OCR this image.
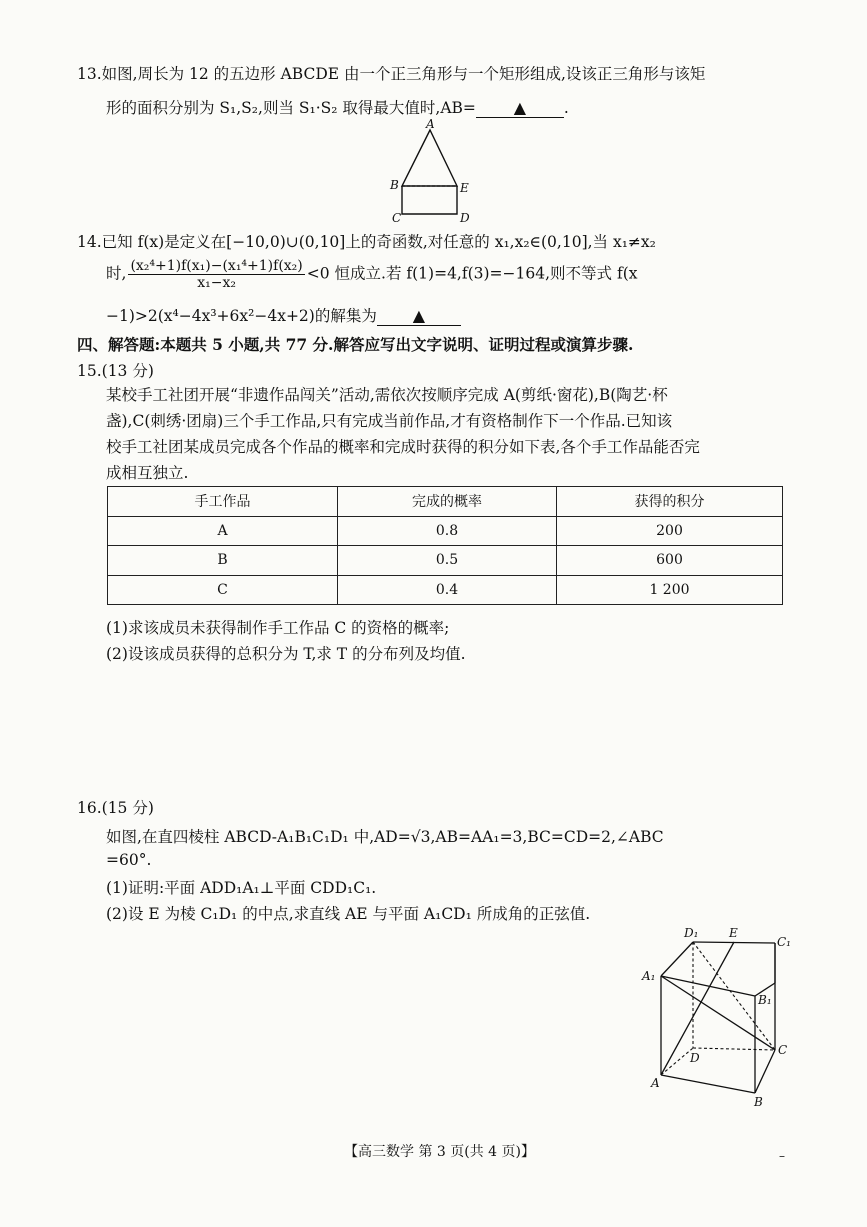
13.如图,周长为 12 的五边形 ABCDE 由一个正三角形与一个矩形组成,设该正三角形与该矩
形的面积分别为 S₁,S₂,则当 S₁·S₂ 取得最大值时,AB= ▲ .
A
B	E
C	D
14.已知 f(x)是定义在[−10,0)∪(0,10]上的奇函数,对任意的 x₁,x₂∈(0,10],当 x₁≠x₂
时, $\frac{\text{(x₂⁴+1)f(x₁)−(x₁⁴+1)f(x₂)}}{\text{x₁−x₂}} <0$ 恒成立.若 f(1)=4,f(3)=−164,则不等式 f(x
−1)>2(x⁴−4x³+6x²−4x+2)的解集为 ▲
四、解答题:本题共 5 小题,共 77 分.解答应写出文字说明、证明过程或演算步骤.
15.(13 分)
某校手工社团开展“非遗作品闯关”活动,需依次按顺序完成 A(剪纸·窗花),B(陶艺·杯
盏),C(刺绣·团扇)三个手工作品,只有完成当前作品,才有资格制作下一个作品.已知该
校手工社团某成员完成各个作品的概率和完成时获得的积分如下表,各个手工作品能否完
成相互独立.
手工作品	完成的概率	获得的积分
A	0.8	200
B	0.5	600
C	0.4	1 200
(1)求该成员未获得制作手工作品 C 的资格的概率;
(2)设该成员获得的总积分为 T,求 T 的分布列及均值.
16.(15 分)
如图,在直四棱柱 ABCD-A₁B₁C₁D₁ 中,AD=√3,AB=AA₁=3,BC=CD=2,∠ABC
=60°.
(1)证明:平面 ADD₁A₁⊥平面 CDD₁C₁.
(2)设 E 为棱 C₁D₁ 的中点,求直线 AE 与平面 A₁CD₁ 所成角的正弦值.
D₁	E
C₁
A₁
B₁
D
C
A
B
【高三数学 第 3 页(共 4 页)】	–
